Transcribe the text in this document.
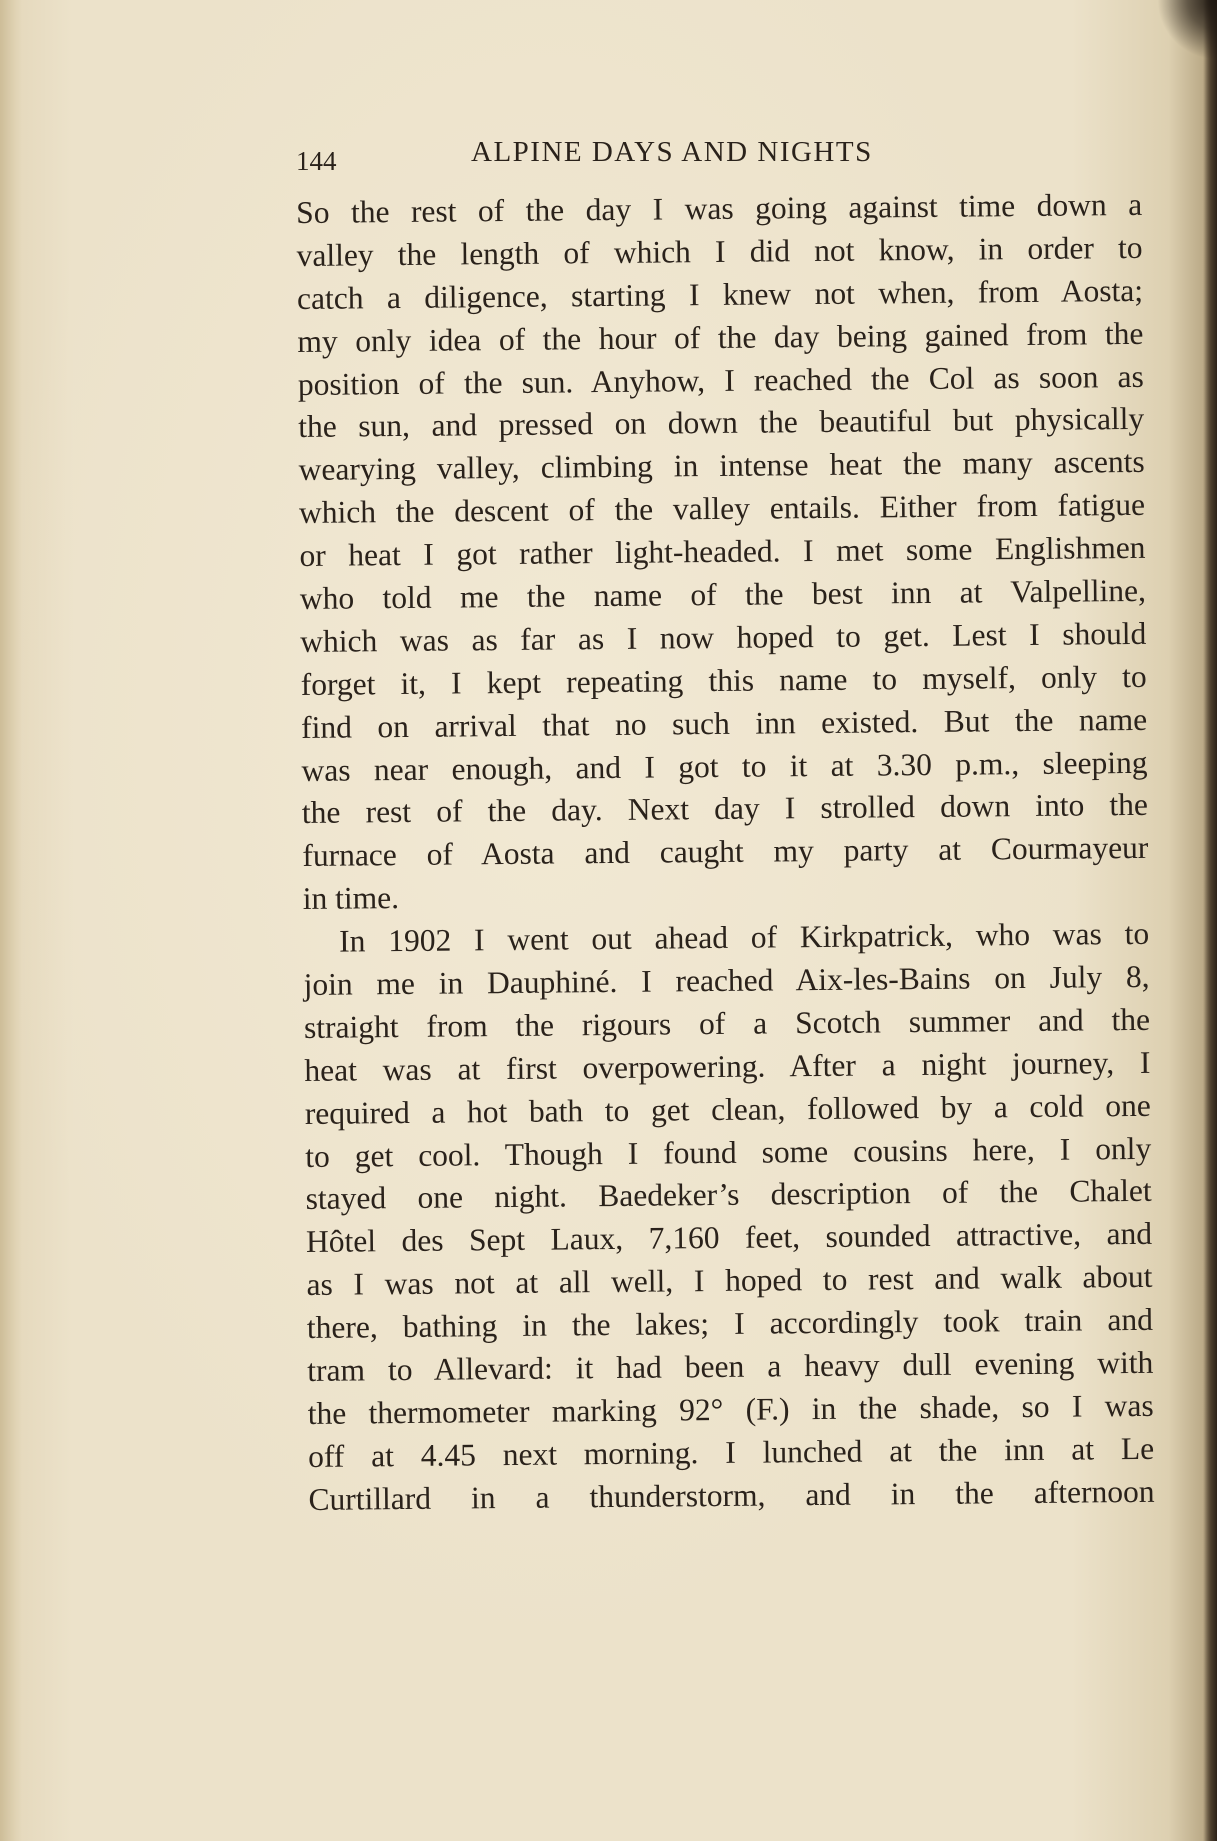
144	ALPINE DAYS AND NIGHTS
So the rest of the day I was going against time down a
valley the length of which I did not know, in order to
catch a diligence, starting I knew not when, from Aosta;
my only idea of the hour of the day being gained from the
position of the sun. Anyhow, I reached the Col as soon as
the sun, and pressed on down the beautiful but physically
wearying valley, climbing in intense heat the many ascents
which the descent of the valley entails. Either from fatigue
or heat I got rather light-headed. I met some Englishmen
who told me the name of the best inn at Valpelline,
which was as far as I now hoped to get. Lest I should
forget it, I kept repeating this name to myself, only to
find on arrival that no such inn existed. But the name
was near enough, and I got to it at 3.30 p.m., sleeping
the rest of the day. Next day I strolled down into the
furnace of Aosta and caught my party at Courmayeur
in time.
In 1902 I went out ahead of Kirkpatrick, who was to
join me in Dauphiné. I reached Aix-les-Bains on July 8,
straight from the rigours of a Scotch summer and the
heat was at first overpowering. After a night journey, I
required a hot bath to get clean, followed by a cold one
to get cool. Though I found some cousins here, I only
stayed one night. Baedeker’s description of the Chalet
Hôtel des Sept Laux, 7,160 feet, sounded attractive, and
as I was not at all well, I hoped to rest and walk about
there, bathing in the lakes; I accordingly took train and
tram to Allevard: it had been a heavy dull evening with
the thermometer marking 92° (F.) in the shade, so I was
off at 4.45 next morning. I lunched at the inn at Le
Curtillard in a thunderstorm, and in the afternoon
